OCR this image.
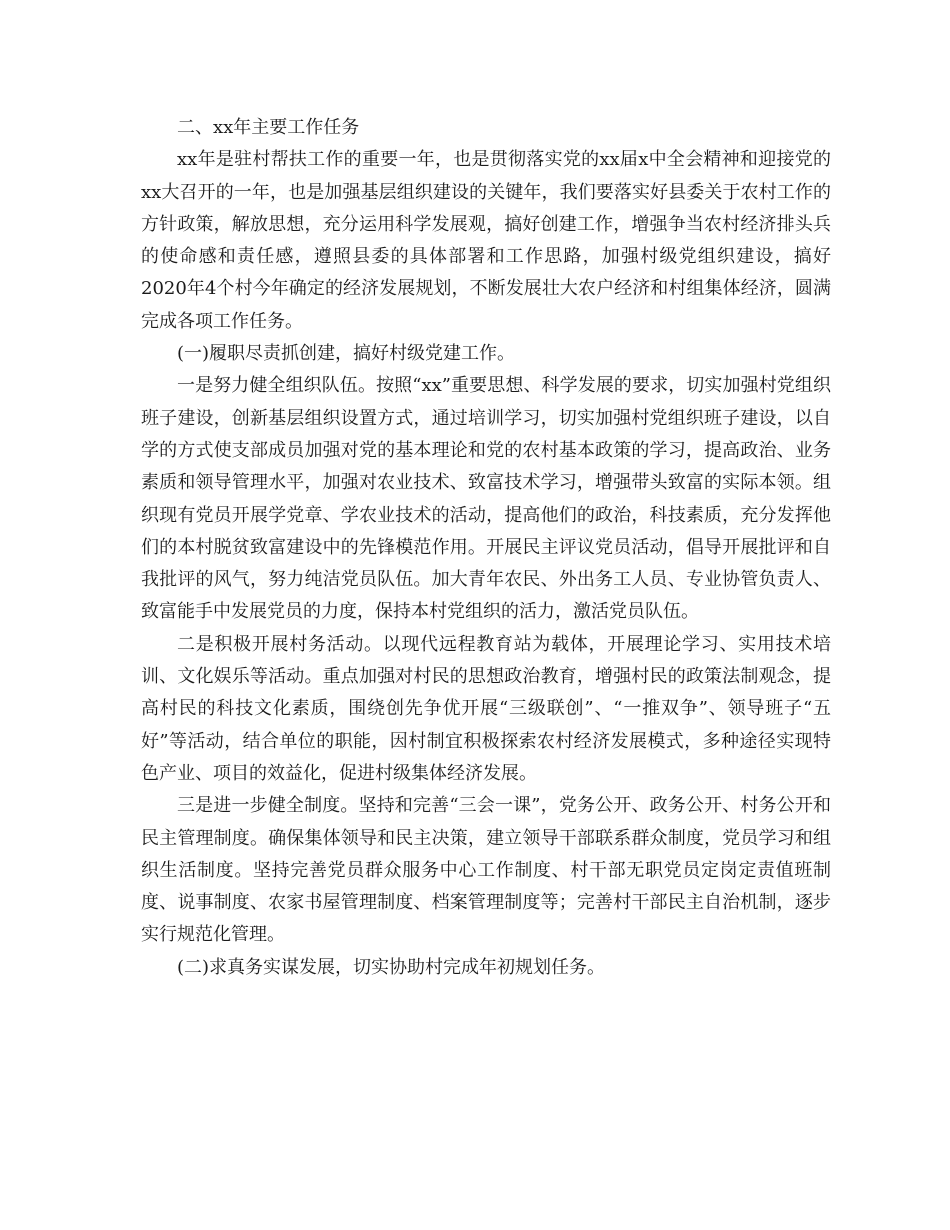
二、xx年主要工作任务

xx年是驻村帮扶工作的重要一年，也是贯彻落实党的xx届x中全会精神和迎接党的xx大召开的一年，也是加强基层组织建设的关键年，我们要落实好县委关于农村工作的方针政策，解放思想，充分运用科学发展观，搞好创建工作，增强争当农村经济排头兵的使命感和责任感，遵照县委的具体部署和工作思路，加强村级党组织建设，搞好2020年4个村今年确定的经济发展规划，不断发展壮大农户经济和村组集体经济，圆满完成各项工作任务。

(一)履职尽责抓创建，搞好村级党建工作。

一是努力健全组织队伍。按照“xx”重要思想、科学发展的要求，切实加强村党组织班子建设，创新基层组织设置方式，通过培训学习，切实加强村党组织班子建设，以自学的方式使支部成员加强对党的基本理论和党的农村基本政策的学习，提高政治、业务素质和领导管理水平，加强对农业技术、致富技术学习，增强带头致富的实际本领。组织现有党员开展学党章、学农业技术的活动，提高他们的政治，科技素质，充分发挥他们的本村脱贫致富建设中的先锋模范作用。开展民主评议党员活动，倡导开展批评和自我批评的风气，努力纯洁党员队伍。加大青年农民、外出务工人员、专业协管负责人、致富能手中发展党员的力度，保持本村党组织的活力，激活党员队伍。

二是积极开展村务活动。以现代远程教育站为载体，开展理论学习、实用技术培训、文化娱乐等活动。重点加强对村民的思想政治教育，增强村民的政策法制观念，提高村民的科技文化素质，围绕创先争优开展“三级联创”、“一推双争”、领导班子“五好”等活动，结合单位的职能，因村制宜积极探索农村经济发展模式，多种途径实现特色产业、项目的效益化，促进村级集体经济发展。

三是进一步健全制度。坚持和完善“三会一课”，党务公开、政务公开、村务公开和民主管理制度。确保集体领导和民主决策，建立领导干部联系群众制度，党员学习和组织生活制度。坚持完善党员群众服务中心工作制度、村干部无职党员定岗定责值班制度、说事制度、农家书屋管理制度、档案管理制度等；完善村干部民主自治机制，逐步实行规范化管理。

(二)求真务实谋发展，切实协助村完成年初规划任务。
